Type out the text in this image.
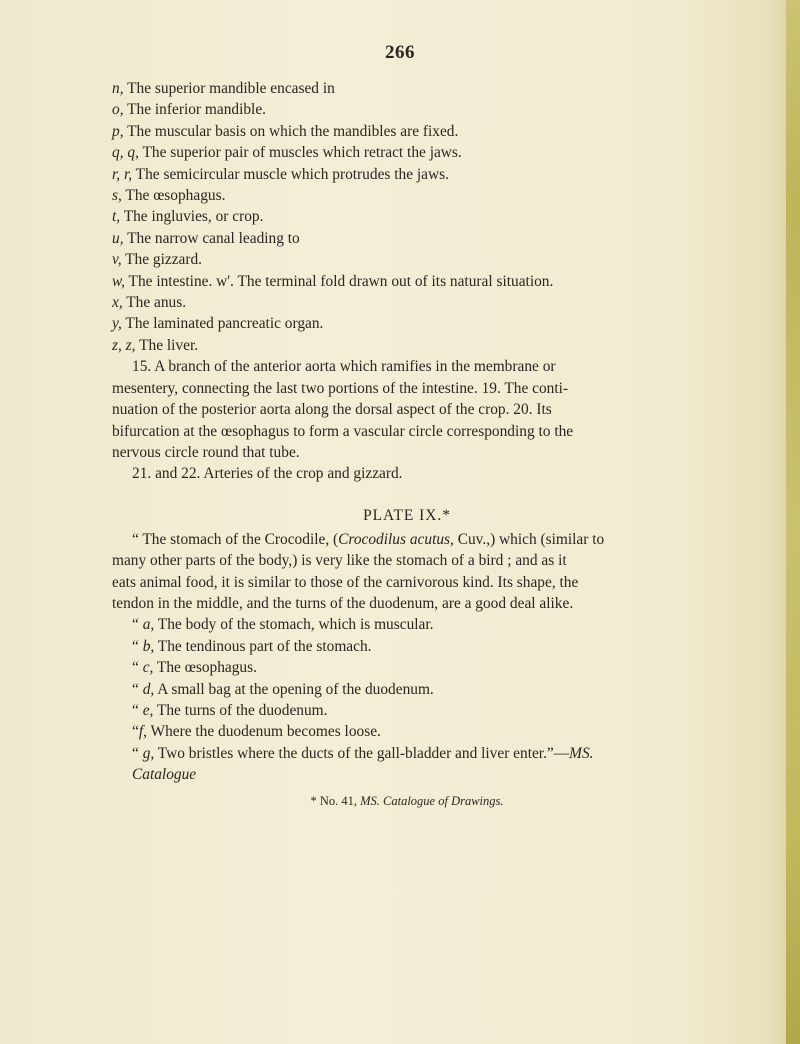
266
n, The superior mandible encased in
o, The inferior mandible.
p, The muscular basis on which the mandibles are fixed.
q, q, The superior pair of muscles which retract the jaws.
r, r, The semicircular muscle which protrudes the jaws.
s, The œsophagus.
t, The ingluvies, or crop.
u, The narrow canal leading to
v, The gizzard.
w, The intestine. w'. The terminal fold drawn out of its natural situation.
x, The anus.
y, The laminated pancreatic organ.
z, z, The liver.
15. A branch of the anterior aorta which ramifies in the membrane or
mesentery, connecting the last two portions of the intestine. 19. The conti-
nuation of the posterior aorta along the dorsal aspect of the crop. 20. Its
bifurcation at the œsophagus to form a vascular circle corresponding to the
nervous circle round that tube.
21. and 22. Arteries of the crop and gizzard.
PLATE IX.*
“ The stomach of the Crocodile, (Crocodilus acutus, Cuv.,) which (similar to
many other parts of the body,) is very like the stomach of a bird ; and as it
eats animal food, it is similar to those of the carnivorous kind. Its shape, the
tendon in the middle, and the turns of the duodenum, are a good deal alike.
“ a, The body of the stomach, which is muscular.
“ b, The tendinous part of the stomach.
“ c, The œsophagus.
“ d, A small bag at the opening of the duodenum.
“ e, The turns of the duodenum.
“f, Where the duodenum becomes loose.
“ g, Two bristles where the ducts of the gall-bladder and liver enter.”—MS.
Catalogue
* No. 41, MS. Catalogue of Drawings.
